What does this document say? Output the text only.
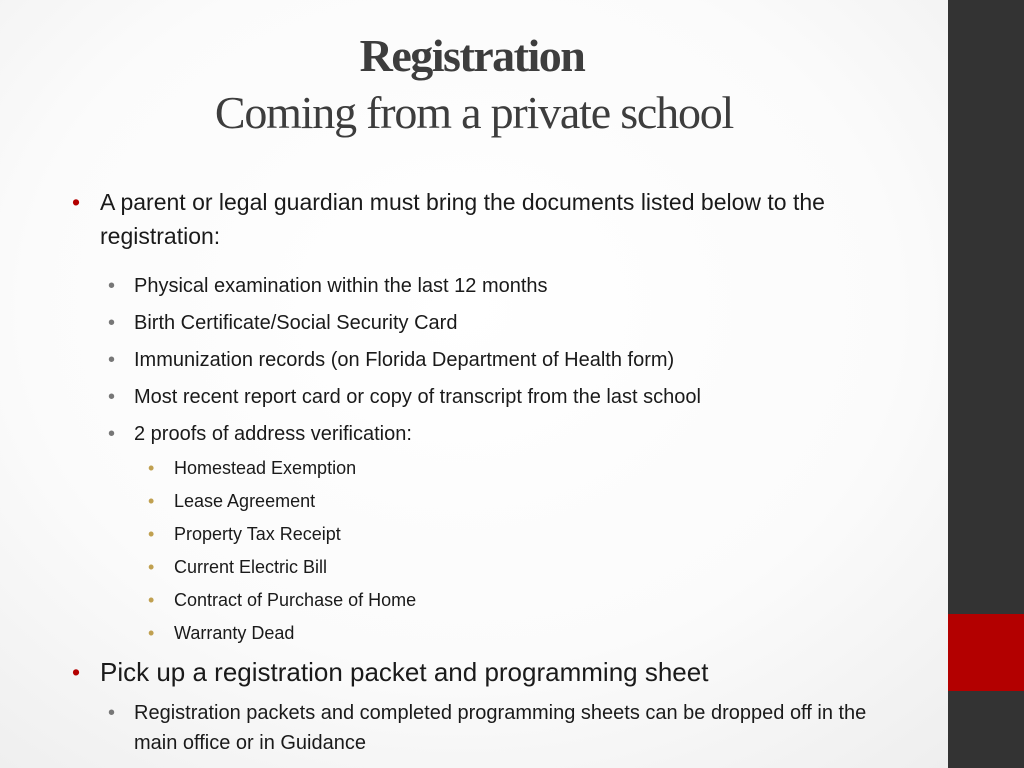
Registration
Coming from a private school
• A parent or legal guardian must bring the documents listed below to the registration:
• Physical examination within the last 12 months
• Birth Certificate/Social Security Card
• Immunization records (on Florida Department of Health form)
• Most recent report card or copy of transcript from the last school
• 2 proofs of address verification:
• Homestead Exemption
• Lease Agreement
• Property Tax Receipt
• Current Electric Bill
• Contract of Purchase of Home
• Warranty Dead
• Pick up a registration packet and programming sheet
• Registration packets and completed programming sheets can be dropped off in the main office or in Guidance
